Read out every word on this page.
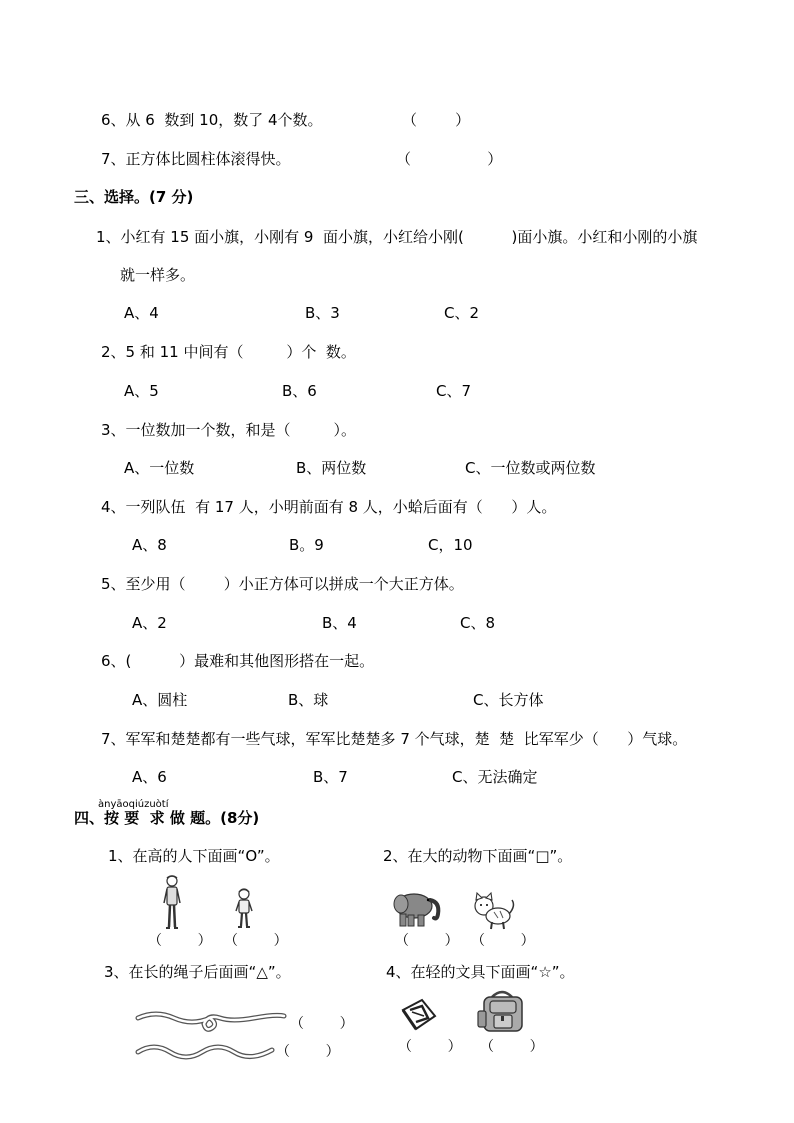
6、从 6  数到 10，数了 4个数。	（        ）
7、正方体比圆柱体滚得快。	（                ）
三、选择。(7 分)
1、小红有 15 面小旗，小刚有 9  面小旗，小红给小刚(          )面小旗。小红和小刚的小旗
就一样多。
A、4	B、3	C、2
2、5 和 11 中间有（         ）个  数。
A、5	B、6	C、7
3、一位数加一个数，和是（         ）。
A、一位数	B、两位数	C、一位数或两位数
4、一列队伍  有 17 人，小明前面有 8 人，小蛤后面有（      ）人。
A、8	B。9	C，10
5、至少用（        ）小正方体可以拼成一个大正方体。
A、2	B、4	C、8
6、(          ）最难和其他图形搭在一起。
A、圆柱	B、球	C、长方体
7、军军和楚楚都有一些气球，军军比楚楚多 7 个气球，楚  楚  比军军少（      ）气球。
A、6	B、7	C、无法确定
ànyāoqiúzuòtí
四、按 要  求 做 题。(8分)
1、在高的人下面画“O”。	2、在大的动物下面画“□”。
（        ） （        ）	（        ） （        ）
3、在长的绳子后面画“△”。	4、在轻的文具下面画“☆”。
（        ）
（        ）	（        ） （        ）
